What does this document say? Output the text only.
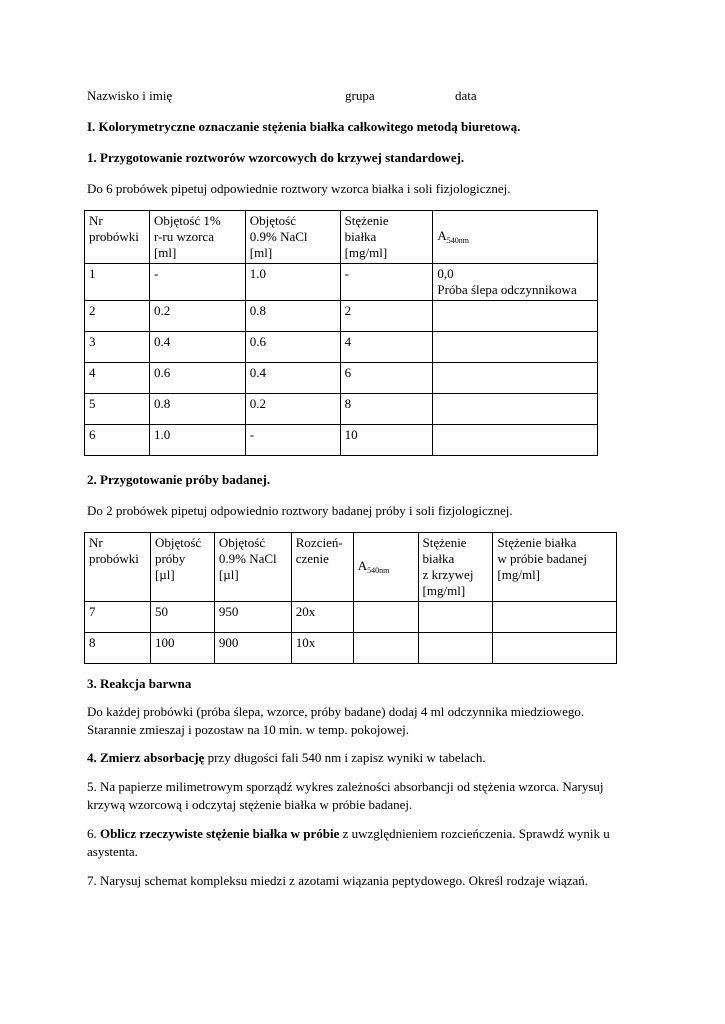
Nazwisko i imię	grupa	data
I. Kolorymetryczne oznaczanie stężenia białka całkowitego metodą biuretową.
1. Przygotowanie roztworów wzorcowych do krzywej standardowej.
Do 6 probówek pipetuj odpowiednie roztwory wzorca białka i soli fizjologicznej.
Nr
probówki	Objętość 1%
r-ru wzorca
[ml]	Objętość
0.9% NaCl
[ml]	Stężenie
białka
[mg/ml]	$A_{540nm}$
1	-	1.0	-	0,0
Próba ślepa odczynnikowa
2	0.2	0.8	2	
3	0.4	0.6	4	
4	0.6	0.4	6	
5	0.8	0.2	8	
6	1.0	-	10	
2. Przygotowanie próby badanej.
Do 2 probówek pipetuj odpowiednio roztwory badanej próby i soli fizjologicznej.
Nr
probówki	Objętość
próby
[µl]	Objętość
0.9% NaCl
[µl]	Rozcień-
czenie	$A_{540nm}$	Stężenie
białka
z krzywej
[mg/ml]	Stężenie białka
w próbie badanej
[mg/ml]
7	50	950	20x			
8	100	900	10x			
3. Reakcja barwna
Do każdej probówki (próba ślepa, wzorce, próby badane) dodaj 4 ml odczynnika miedziowego. Starannie zmieszaj i pozostaw na 10 min. w temp. pokojowej.
4. Zmierz absorbację przy długości fali 540 nm i zapisz wyniki w tabelach.
5. Na papierze milimetrowym sporządź wykres zależności absorbancji od stężenia wzorca. Narysuj krzywą wzorcową i odczytaj stężenie białka w próbie badanej.
6. Oblicz rzeczywiste stężenie białka w próbie z uwzględnieniem rozcieńczenia. Sprawdź wynik u asystenta.
7. Narysuj schemat kompleksu miedzi z azotami wiązania peptydowego. Określ rodzaje wiązań.
